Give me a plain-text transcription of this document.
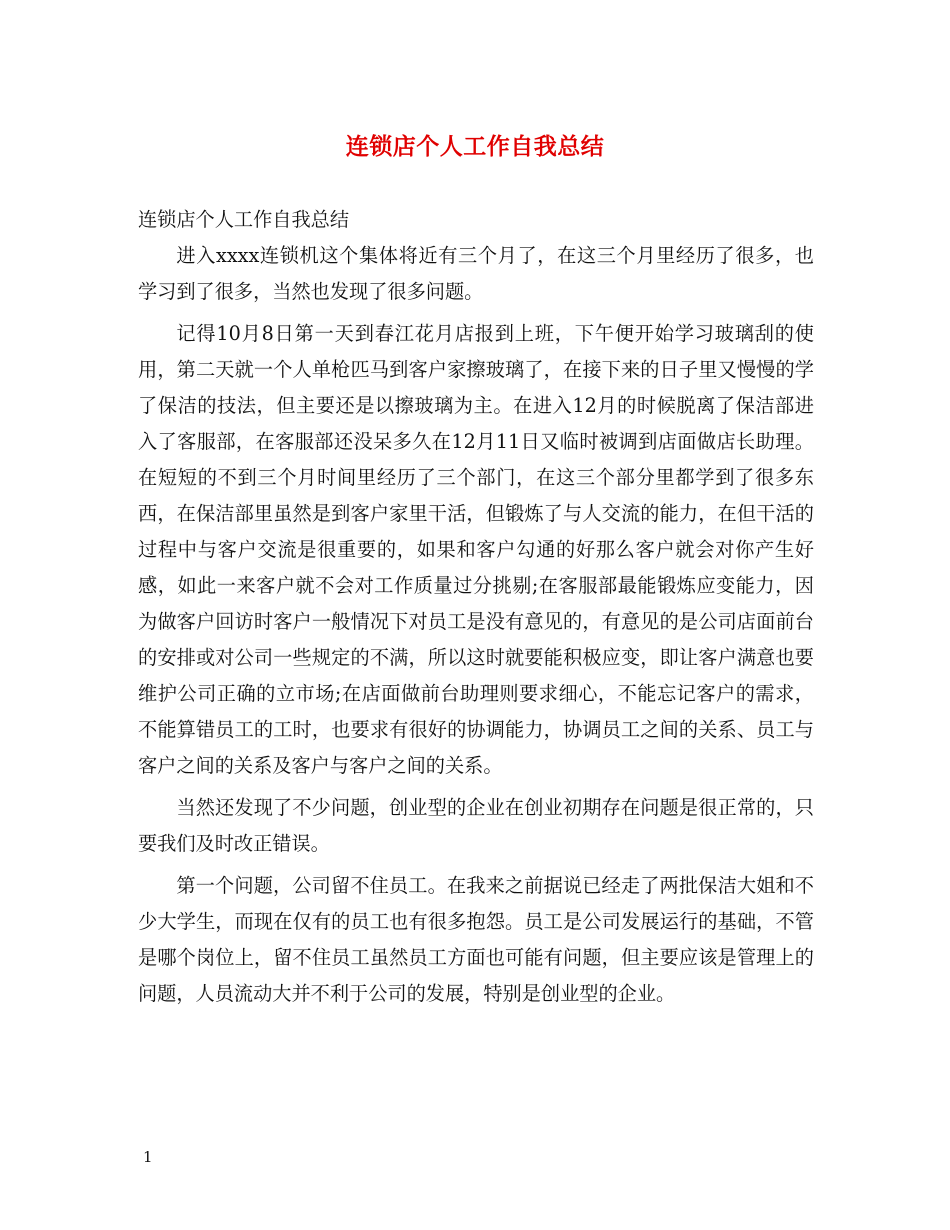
连锁店个人工作自我总结

连锁店个人工作自我总结

进入xxxx连锁机这个集体将近有三个月了，在这三个月里经历了很多，也学习到了很多，当然也发现了很多问题。

记得10月8日第一天到春江花月店报到上班，下午便开始学习玻璃刮的使用，第二天就一个人单枪匹马到客户家擦玻璃了，在接下来的日子里又慢慢的学了保洁的技法，但主要还是以擦玻璃为主。在进入12月的时候脱离了保洁部进入了客服部，在客服部还没呆多久在12月11日又临时被调到店面做店长助理。在短短的不到三个月时间里经历了三个部门，在这三个部分里都学到了很多东西，在保洁部里虽然是到客户家里干活，但锻炼了与人交流的能力，在但干活的过程中与客户交流是很重要的，如果和客户勾通的好那么客户就会对你产生好感，如此一来客户就不会对工作质量过分挑剔;在客服部最能锻炼应变能力，因为做客户回访时客户一般情况下对员工是没有意见的，有意见的是公司店面前台的安排或对公司一些规定的不满，所以这时就要能积极应变，即让客户满意也要维护公司正确的立市场;在店面做前台助理则要求细心，不能忘记客户的需求，不能算错员工的工时，也要求有很好的协调能力，协调员工之间的关系、员工与客户之间的关系及客户与客户之间的关系。

当然还发现了不少问题，创业型的企业在创业初期存在问题是很正常的，只要我们及时改正错误。

第一个问题，公司留不住员工。在我来之前据说已经走了两批保洁大姐和不少大学生，而现在仅有的员工也有很多抱怨。员工是公司发展运行的基础，不管是哪个岗位上，留不住员工虽然员工方面也可能有问题，但主要应该是管理上的问题，人员流动大并不利于公司的发展，特别是创业型的企业。

1
